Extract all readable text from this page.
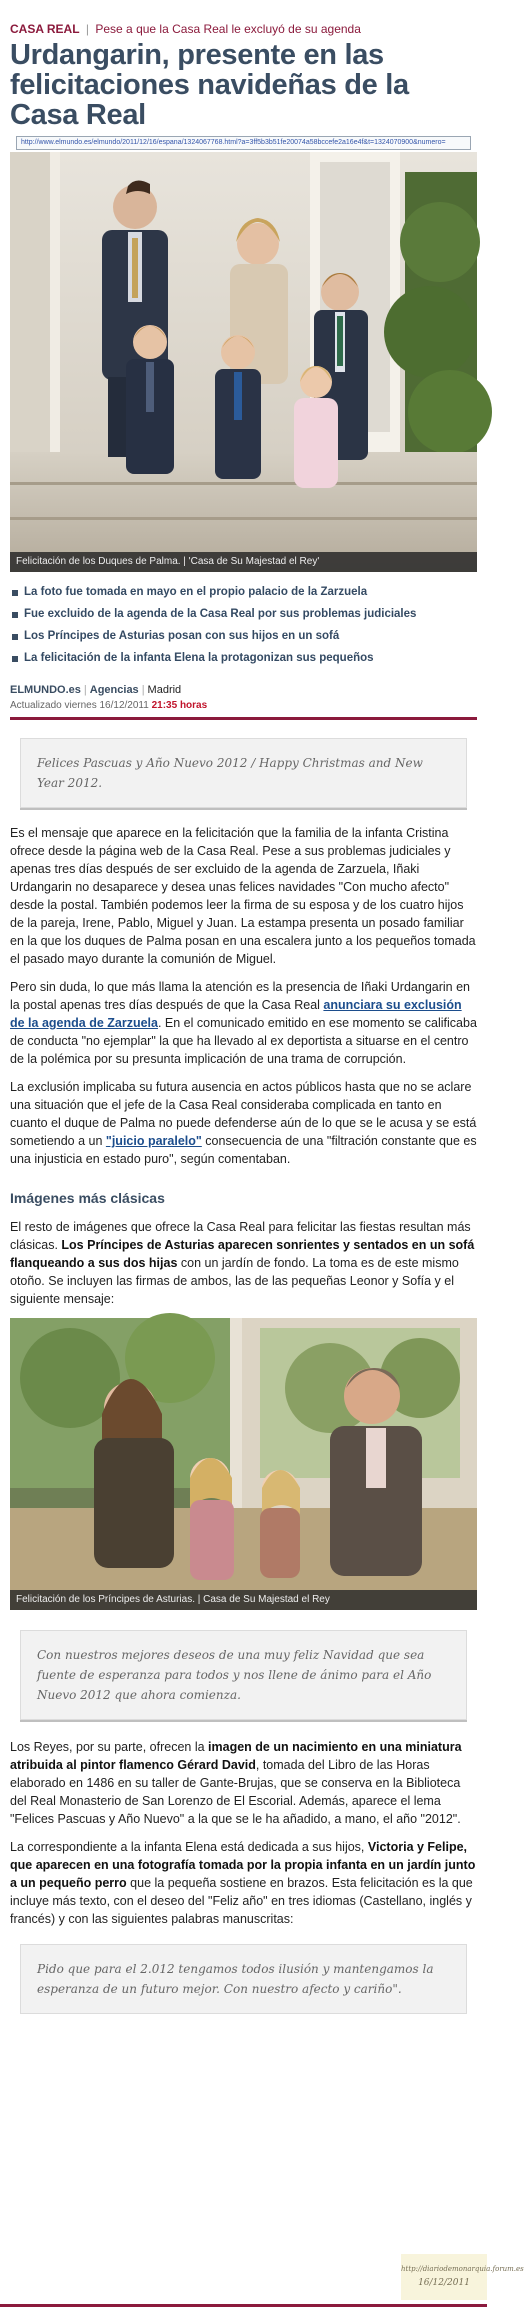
CASA REAL | Pese a que la Casa Real le excluyó de su agenda
Urdangarin, presente en las felicitaciones navideñas de la Casa Real
http://www.elmundo.es/elmundo/2011/12/16/espana/1324067768.html?a=3ff5b3b51fe20074a58bccefe2a16e4f&t=1324070900&numero=
Felicitación de los Duques de Palma. | 'Casa de Su Majestad el Rey'
La foto fue tomada en mayo en el propio palacio de la Zarzuela
Fue excluido de la agenda de la Casa Real por sus problemas judiciales
Los Príncipes de Asturias posan con sus hijos en un sofá
La felicitación de la infanta Elena la protagonizan sus pequeños
ELMUNDO.es | Agencias | Madrid
Actualizado viernes 16/12/2011 21:35 horas
Felices Pascuas y Año Nuevo 2012 / Happy Christmas and New Year 2012.

Es el mensaje que aparece en la felicitación que la familia de la infanta Cristina ofrece desde la página web de la Casa Real. Pese a sus problemas judiciales y apenas tres días después de ser excluido de la agenda de Zarzuela, Iñaki Urdangarin no desaparece y desea unas felices navidades "Con mucho afecto" desde la postal. También podemos leer la firma de su esposa y de los cuatro hijos de la pareja, Irene, Pablo, Miguel y Juan. La estampa presenta un posado familiar en la que los duques de Palma posan en una escalera junto a los pequeños tomada el pasado mayo durante la comunión de Miguel.

Pero sin duda, lo que más llama la atención es la presencia de Iñaki Urdangarin en la postal apenas tres días después de que la Casa Real anunciara su exclusión de la agenda de Zarzuela. En el comunicado emitido en ese momento se calificaba de conducta "no ejemplar" la que ha llevado al ex deportista a situarse en el centro de la polémica por su presunta implicación de una trama de corrupción.

La exclusión implicaba su futura ausencia en actos públicos hasta que no se aclare una situación que el jefe de la Casa Real consideraba complicada en tanto en cuanto el duque de Palma no puede defenderse aún de lo que se le acusa y se está sometiendo a un "juicio paralelo" consecuencia de una "filtración constante que es una injusticia en estado puro", según comentaban.

Imágenes más clásicas

El resto de imágenes que ofrece la Casa Real para felicitar las fiestas resultan más clásicas. Los Príncipes de Asturias aparecen sonrientes y sentados en un sofá flanqueando a sus dos hijas con un jardín de fondo. La toma es de este mismo otoño. Se incluyen las firmas de ambos, las de las pequeñas Leonor y Sofía y el siguiente mensaje:

Felicitación de los Príncipes de Asturias. | Casa de Su Majestad el Rey
Con nuestros mejores deseos de una muy feliz Navidad que sea fuente de esperanza para todos y nos llene de ánimo para el Año Nuevo 2012 que ahora comienza.

Los Reyes, por su parte, ofrecen la imagen de un nacimiento en una miniatura atribuida al pintor flamenco Gérard David, tomada del Libro de las Horas elaborado en 1486 en su taller de Gante-Brujas, que se conserva en la Biblioteca del Real Monasterio de San Lorenzo de El Escorial. Además, aparece el lema "Felices Pascuas y Año Nuevo" a la que se le ha añadido, a mano, el año "2012".

La correspondiente a la infanta Elena está dedicada a sus hijos, Victoria y Felipe, que aparecen en una fotografía tomada por la propia infanta en un jardín junto a un pequeño perro que la pequeña sostiene en brazos. Esta felicitación es la que incluye más texto, con el deseo del "Feliz año" en tres idiomas (Castellano, inglés y francés) y con las siguientes palabras manuscritas:

Pido que para el 2.012 tengamos todos ilusión y mantengamos la esperanza de un futuro mejor. Con nuestro afecto y cariño".
http://diariodemonarquia.forum.es
16/12/2011
